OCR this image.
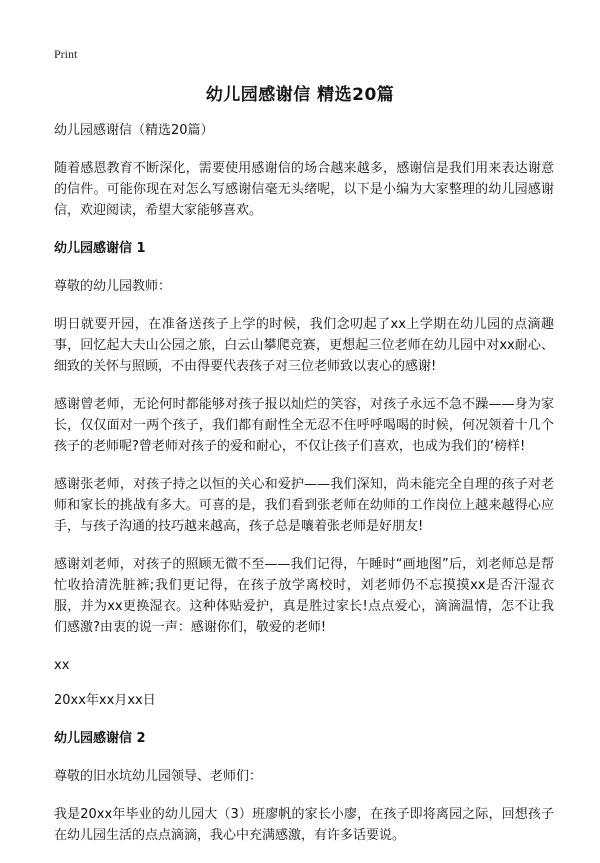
Print
幼儿园感谢信 精选20篇
幼儿园感谢信（精选20篇）
随着感恩教育不断深化，需要使用感谢信的场合越来越多，感谢信是我们用来表达谢意的信件。可能你现在对怎么写感谢信毫无头绪呢，以下是小编为大家整理的幼儿园感谢信，欢迎阅读，希望大家能够喜欢。
幼儿园感谢信 1
尊敬的幼儿园教师：
明日就要开园，在准备送孩子上学的时候，我们念叨起了xx上学期在幼儿园的点滴趣事，回忆起大夫山公园之旅，白云山攀爬竞赛，更想起三位老师在幼儿园中对xx耐心、细致的关怀与照顾，不由得要代表孩子对三位老师致以衷心的感谢!
感谢曾老师，无论何时都能够对孩子报以灿烂的笑容，对孩子永远不急不躁——身为家长，仅仅面对一两个孩子，我们都有耐性全无忍不住呼呼喝喝的时候，何况领着十几个孩子的老师呢?曾老师对孩子的爱和耐心，不仅让孩子们喜欢，也成为我们的‘榜样!
感谢张老师，对孩子持之以恒的关心和爱护——我们深知，尚未能完全自理的孩子对老师和家长的挑战有多大。可喜的是，我们看到张老师在幼师的工作岗位上越来越得心应手，与孩子沟通的技巧越来越高，孩子总是嚷着张老师是好朋友!
感谢刘老师，对孩子的照顾无微不至——我们记得，午睡时“画地图”后，刘老师总是帮忙收拾清洗脏裤;我们更记得，在孩子放学离校时，刘老师仍不忘摸摸xx是否汗湿衣服，并为xx更换湿衣。这种体贴爱护，真是胜过家长!点点爱心，滴滴温情，怎不让我们感激?由衷的说一声：感谢你们，敬爱的老师!
xx
20xx年xx月xx日
幼儿园感谢信 2
尊敬的旧水坑幼儿园领导、老师们：
我是20xx年毕业的幼儿园大（3）班廖帆的家长小廖，在孩子即将离园之际，回想孩子在幼儿园生活的点点滴滴，我心中充满感激，有许多话要说。
